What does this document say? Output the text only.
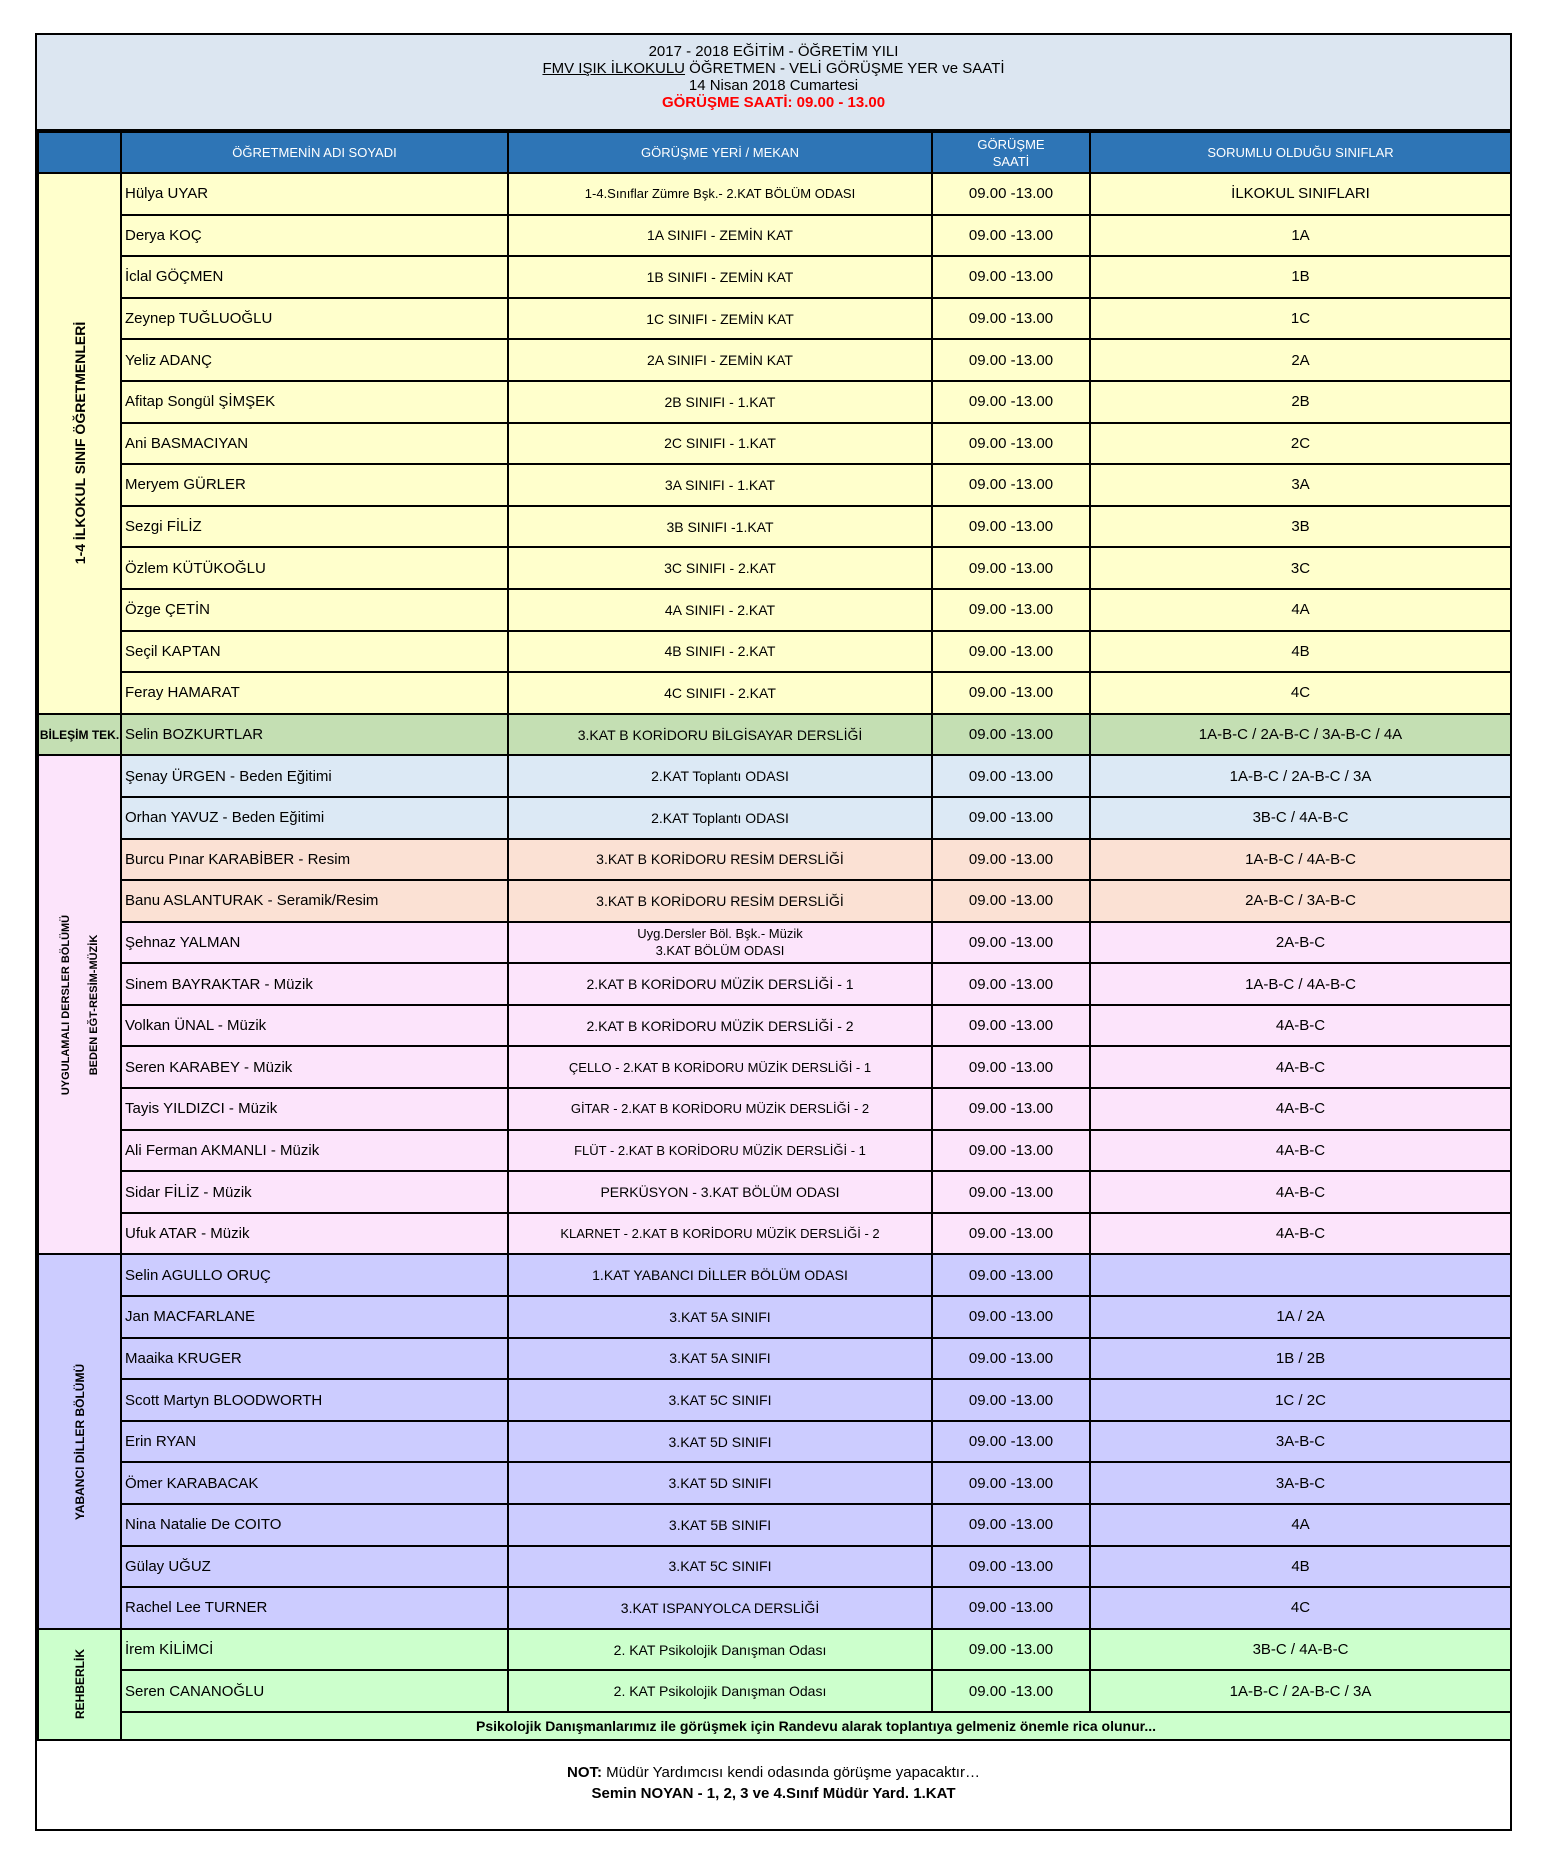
2017 - 2018 EĞİTİM - ÖĞRETİM YILI
FMV IŞIK İLKOKULU ÖĞRETMEN - VELİ GÖRÜŞME YER ve SAATİ
14 Nisan 2018 Cumartesi
GÖRÜŞME SAATİ: 09.00 - 13.00
	ÖĞRETMENİN ADI SOYADI	GÖRÜŞME YERİ / MEKAN	GÖRÜŞME
SAATİ	SORUMLU OLDUĞU SINIFLAR

1-4 İLKOKUL SINIF ÖĞRETMENLERİ	Hülya UYAR	1-4.Sınıflar Zümre Bşk.- 2.KAT BÖLÜM ODASI	09.00 -13.00	İLKOKUL SINIFLARI
	Derya KOÇ	1A SINIFI - ZEMİN KAT	09.00 -13.00	1A
	İclal GÖÇMEN	1B SINIFI - ZEMİN KAT	09.00 -13.00	1B
	Zeynep TUĞLUOĞLU	1C SINIFI - ZEMİN KAT	09.00 -13.00	1C
	Yeliz ADANÇ	2A SINIFI - ZEMİN KAT	09.00 -13.00	2A
	Afitap Songül ŞİMŞEK	2B SINIFI - 1.KAT	09.00 -13.00	2B
	Ani BASMACIYAN	2C SINIFI - 1.KAT	09.00 -13.00	2C
	Meryem GÜRLER	3A SINIFI - 1.KAT	09.00 -13.00	3A
	Sezgi FİLİZ	3B SINIFI -1.KAT	09.00 -13.00	3B
	Özlem KÜTÜKOĞLU	3C SINIFI - 2.KAT	09.00 -13.00	3C
	Özge ÇETİN	4A SINIFI - 2.KAT	09.00 -13.00	4A
	Seçil KAPTAN	4B SINIFI - 2.KAT	09.00 -13.00	4B
	Feray HAMARAT	4C SINIFI - 2.KAT	09.00 -13.00	4C
BİLEŞİM TEK.	Selin BOZKURTLAR	3.KAT B KORİDORU BİLGİSAYAR DERSLİĞİ	09.00 -13.00	1A-B-C / 2A-B-C / 3A-B-C / 4A

UYGULAMALI DERSLER BÖLÜMÜ BEDEN EĞT-RESİM-MÜZİK	Şenay ÜRGEN - Beden Eğitimi	2.KAT Toplantı ODASI	09.00 -13.00	1A-B-C / 2A-B-C / 3A
	Orhan YAVUZ - Beden Eğitimi	2.KAT Toplantı ODASI	09.00 -13.00	3B-C / 4A-B-C
	Burcu Pınar KARABİBER - Resim	3.KAT B KORİDORU RESİM DERSLİĞİ	09.00 -13.00	1A-B-C / 4A-B-C
	Banu ASLANTURAK - Seramik/Resim	3.KAT B KORİDORU RESİM DERSLİĞİ	09.00 -13.00	2A-B-C / 3A-B-C
	Şehnaz YALMAN	Uyg.Dersler Böl. Bşk.- Müzik
3.KAT BÖLÜM ODASI	09.00 -13.00	2A-B-C
	Sinem BAYRAKTAR - Müzik	2.KAT B KORİDORU MÜZİK DERSLİĞİ - 1	09.00 -13.00	1A-B-C / 4A-B-C
	Volkan ÜNAL - Müzik	2.KAT B KORİDORU MÜZİK DERSLİĞİ - 2	09.00 -13.00	4A-B-C
	Seren KARABEY - Müzik	ÇELLO - 2.KAT B KORİDORU MÜZİK DERSLİĞİ - 1	09.00 -13.00	4A-B-C
	Tayis YILDIZCI - Müzik	GİTAR - 2.KAT B KORİDORU MÜZİK DERSLİĞİ - 2	09.00 -13.00	4A-B-C
	Ali Ferman AKMANLI - Müzik	FLÜT - 2.KAT B KORİDORU MÜZİK DERSLİĞİ - 1	09.00 -13.00	4A-B-C
	Sidar FİLİZ - Müzik	PERKÜSYON - 3.KAT BÖLÜM ODASI	09.00 -13.00	4A-B-C
	Ufuk ATAR - Müzik	KLARNET - 2.KAT B KORİDORU MÜZİK DERSLİĞİ - 2	09.00 -13.00	4A-B-C

YABANCI DİLLER BÖLÜMÜ	Selin AGULLO ORUÇ	1.KAT YABANCI DİLLER BÖLÜM ODASI	09.00 -13.00	
	Jan MACFARLANE	3.KAT 5A SINIFI	09.00 -13.00	1A / 2A
	Maaika KRUGER	3.KAT 5A SINIFI	09.00 -13.00	1B / 2B
	Scott Martyn BLOODWORTH	3.KAT 5C SINIFI	09.00 -13.00	1C / 2C
	Erin RYAN	3.KAT 5D SINIFI	09.00 -13.00	3A-B-C
	Ömer KARABACAK	3.KAT 5D SINIFI	09.00 -13.00	3A-B-C
	Nina Natalie De COITO	3.KAT 5B SINIFI	09.00 -13.00	4A
	Gülay UĞUZ	3.KAT 5C SINIFI	09.00 -13.00	4B
	Rachel Lee TURNER	3.KAT ISPANYOLCA DERSLİĞİ	09.00 -13.00	4C

REHBERLİK	İrem KİLİMCİ	2. KAT Psikolojik Danışman Odası	09.00 -13.00	3B-C / 4A-B-C
	Seren CANANOĞLU	2. KAT Psikolojik Danışman Odası	09.00 -13.00	1A-B-C / 2A-B-C / 3A
	Psikolojik Danışmanlarımız ile görüşmek için Randevu alarak toplantıya gelmeniz önemle rica olunur...			
NOT: Müdür Yardımcısı kendi odasında görüşme yapacaktır…
Semin NOYAN - 1, 2, 3 ve 4.Sınıf Müdür Yard. 1.KAT
